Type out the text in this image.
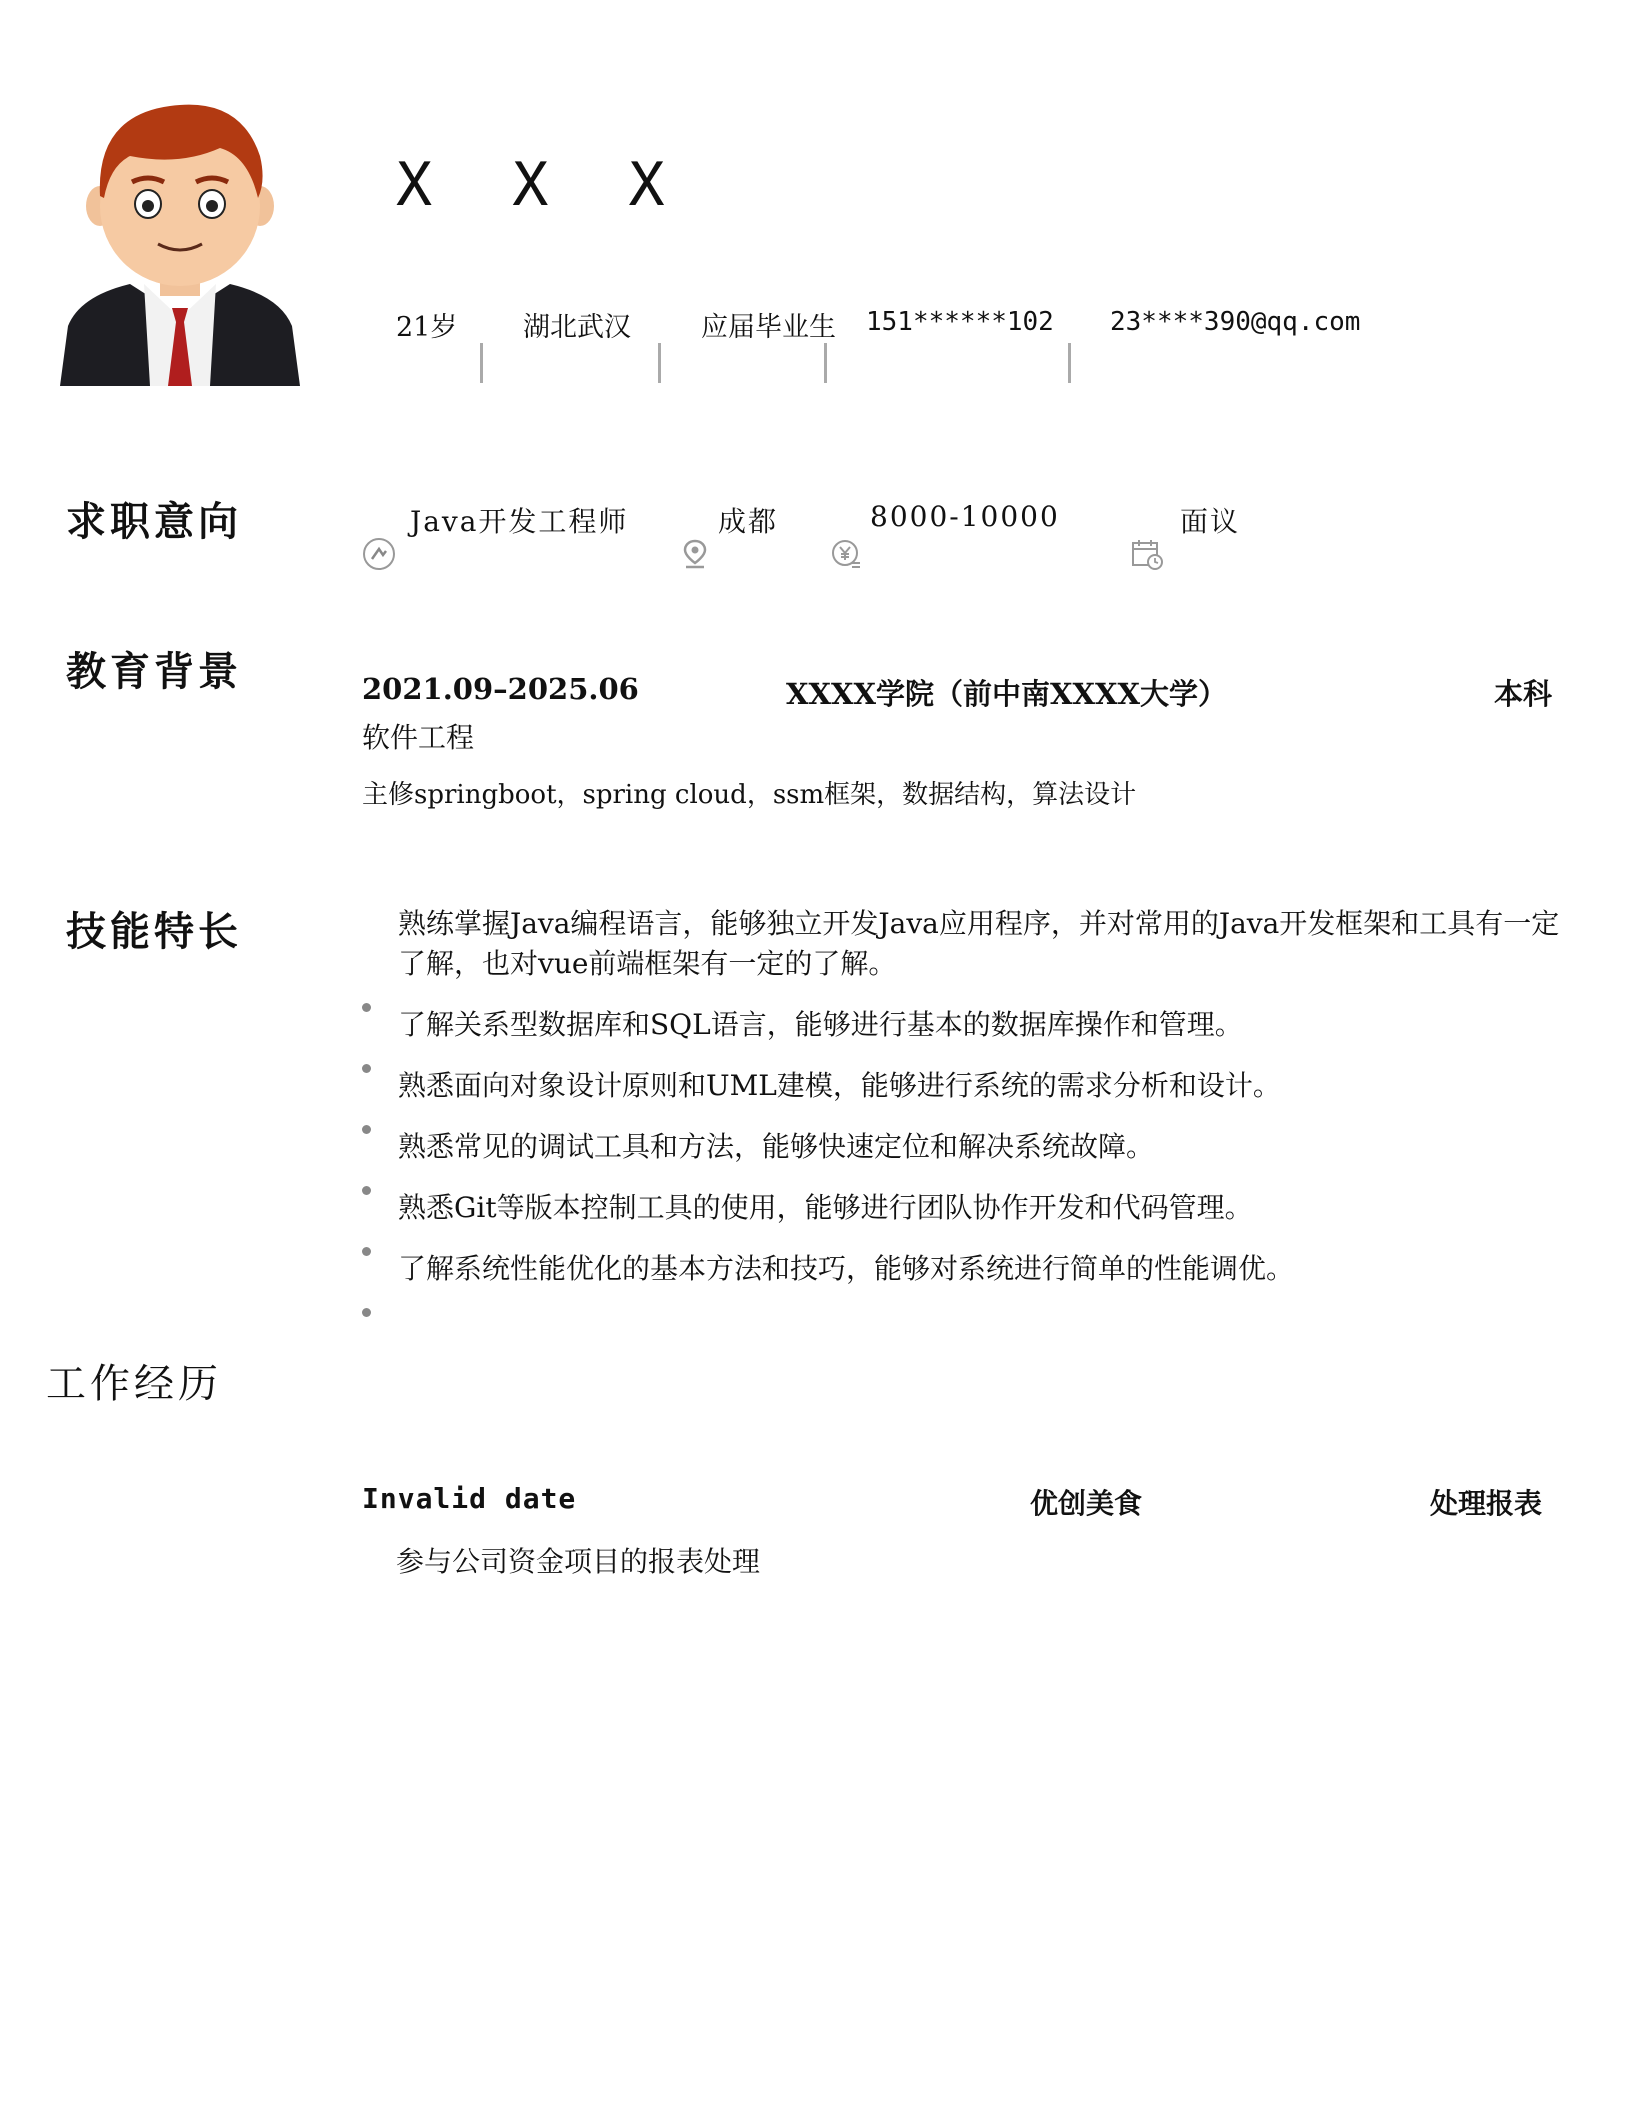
X X X
21岁 湖北武汉	应届毕业生 151******102 23****390@qq.com
求职意向	Java开发工程师	成都	8000-10000	面议
教育背景	2021.09–2025.06	XXXX学院（前中南XXXX大学）	本科
软件工程
主修springboot，spring cloud，ssm框架，数据结构，算法设计
技能特长	熟练掌握Java编程语言，能够独立开发Java应用程序，并对常用的Java开发框架和工具有一定了解，也对vue前端框架有一定的了解。
了解关系型数据库和SQL语言，能够进行基本的数据库操作和管理。
熟悉面向对象设计原则和UML建模，能够进行系统的需求分析和设计。
熟悉常见的调试工具和方法，能够快速定位和解决系统故障。
熟悉Git等版本控制工具的使用，能够进行团队协作开发和代码管理。
了解系统性能优化的基本方法和技巧，能够对系统进行简单的性能调优。
工作经历
Invalid date	优创美食	处理报表
参与公司资金项目的报表处理
